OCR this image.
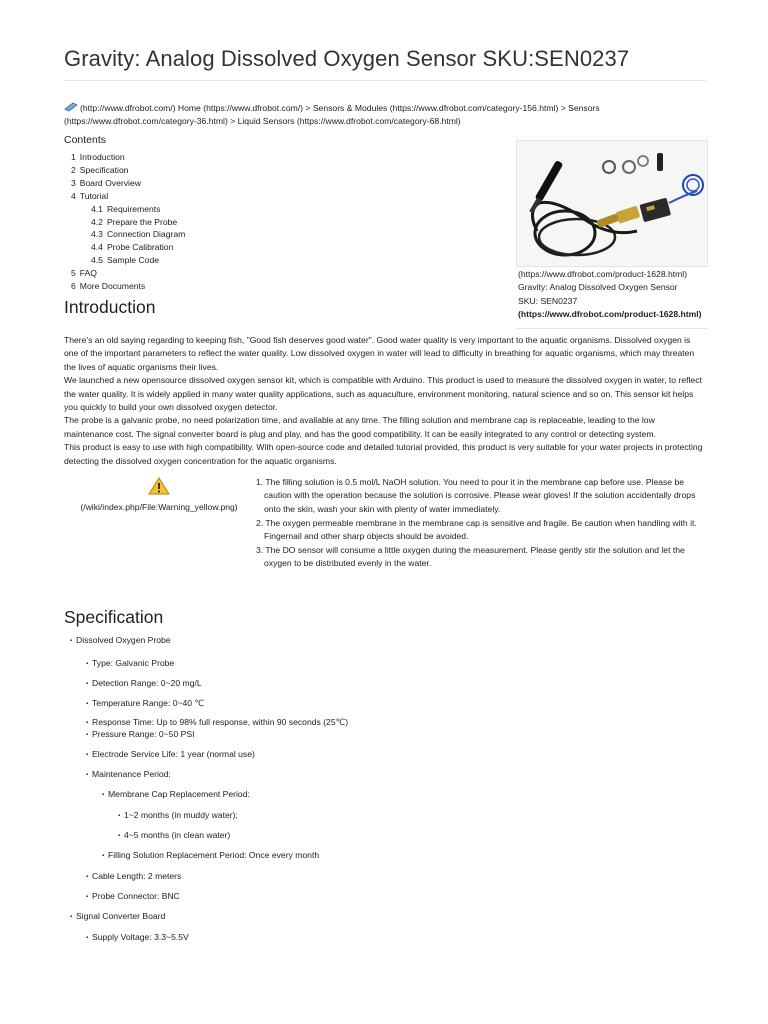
Gravity: Analog Dissolved Oxygen Sensor SKU:SEN0237
(http://www.dfrobot.com/) Home (https://www.dfrobot.com/) > Sensors & Modules (https://www.dfrobot.com/category-156.html) > Sensors
(https://www.dfrobot.com/category-36.html) > Liquid Sensors (https://www.dfrobot.com/category-68.html)
Contents
1 Introduction
2 Specification
3 Board Overview
4 Tutorial
4.1 Requirements
4.2 Prepare the Probe
4.3 Connection Diagram
4.4 Probe Calibration
4.5 Sample Code
5 FAQ
6 More Documents
(https://www.dfrobot.com/product-1628.html)
Gravity: Analog Dissolved Oxygen Sensor
SKU: SEN0237
(https://www.dfrobot.com/product-1628.html)
Introduction

There's an old saying regarding to keeping fish, "Good fish deserves good water". Good water quality is very important to the aquatic organisms. Dissolved oxygen is one of the important parameters to reflect the water quality. Low dissolved oxygen in water will lead to difficulty in breathing for aquatic organisms, which may threaten the lives of aquatic organisms their lives.

We launched a new opensource dissolved oxygen sensor kit, which is compatible with Arduino. This product is used to measure the dissolved oxygen in water, to reflect the water quality. It is widely applied in many water quality applications, such as aquaculture, environment monitoring, natural science and so on. This sensor kit helps you quickly to build your own dissolved oxygen detector.

The probe is a galvanic probe, no need polarization time, and available at any time. The filling solution and membrane cap is replaceable, leading to the low maintenance cost. The signal converter board is plug and play, and has the good compatibility. It can be easily integrated to any control or detecting system.

This product is easy to use with high compatibility. With open-source code and detailed tutorial provided, this product is very suitable for your water projects in protecting detecting the dissolved oxygen concentration for the aquatic organisms.

(/wiki/index.php/File:Warning_yellow.png)
1. The filling solution is 0.5 mol/L NaOH solution. You need to pour it in the membrane cap before use. Please be caution with the operation because the solution is corrosive. Please wear gloves! If the solution accidentally drops onto the skin, wash your skin with plenty of water immediately.
2. The oxygen permeable membrane in the membrane cap is sensitive and fragile. Be caution when handling with it. Fingernail and other sharp objects should be avoided.
3. The DO sensor will consume a little oxygen during the measurement. Please gently stir the solution and let the oxygen to be distributed evenly in the water.
Specification
▪ Dissolved Oxygen Probe
▪ Type: Galvanic Probe
▪ Detection Range: 0~20 mg/L
▪ Temperature Range: 0~40 ℃
▪ Response Time: Up to 98% full response, within 90 seconds (25℃)
▪ Pressure Range: 0~50 PSI
▪ Electrode Service Life: 1 year (normal use)
▪ Maintenance Period:
▪ Membrane Cap Replacement Period:
▪ 1~2 months (in muddy water);
▪ 4~5 months (in clean water)
▪ Filling Solution Replacement Period: Once every month
▪ Cable Length: 2 meters
▪ Probe Connector: BNC
▪ Signal Converter Board
▪ Supply Voltage: 3.3~5.5V
